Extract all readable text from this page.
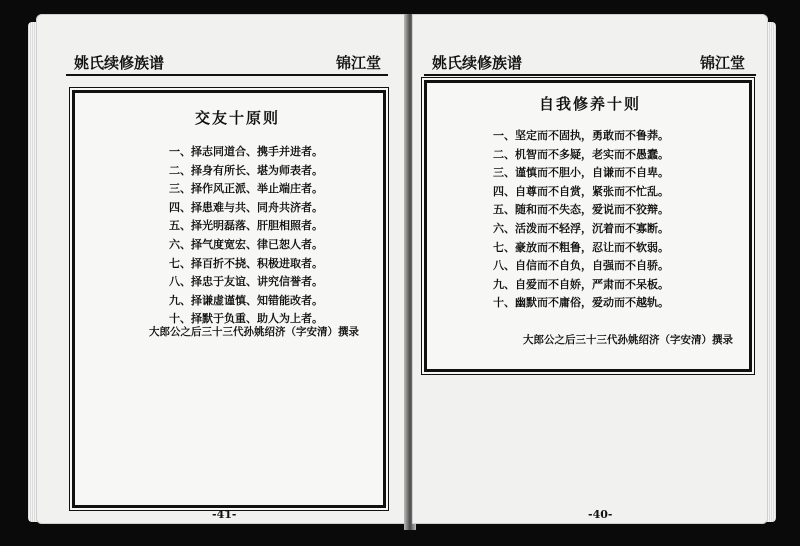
姚氏续修族谱	锦江堂
交友十原则
一、择志同道合、携手并进者。
二、择身有所长、堪为师表者。
三、择作风正派、举止端庄者。
四、择患难与共、同舟共济者。
五、择光明磊落、肝胆相照者。
六、择气度宽宏、律已恕人者。
七、择百折不挠、积极进取者。
八、择忠于友谊、讲究信誉者。
九、择谦虚谨慎、知错能改者。
十、择默于负重、助人为上者。
大郎公之后三十三代孙姚绍济（字安清）撰录
-41-
姚氏续修族谱	锦江堂
自我修养十则
一、坚定而不固执，勇敢而不鲁莽。
二、机智而不多疑，老实而不愚蠢。
三、谨慎而不胆小，自谦而不自卑。
四、自尊而不自赏，紧张而不忙乱。
五、随和而不失态，爱说而不狡辩。
六、活泼而不轻浮，沉着而不寡断。
七、豪放而不粗鲁，忍让而不软弱。
八、自信而不自负，自强而不自骄。
九、自爱而不自娇，严肃而不呆板。
十、幽默而不庸俗，爱动而不越轨。
大郎公之后三十三代孙姚绍济（字安清）撰录
-40-
